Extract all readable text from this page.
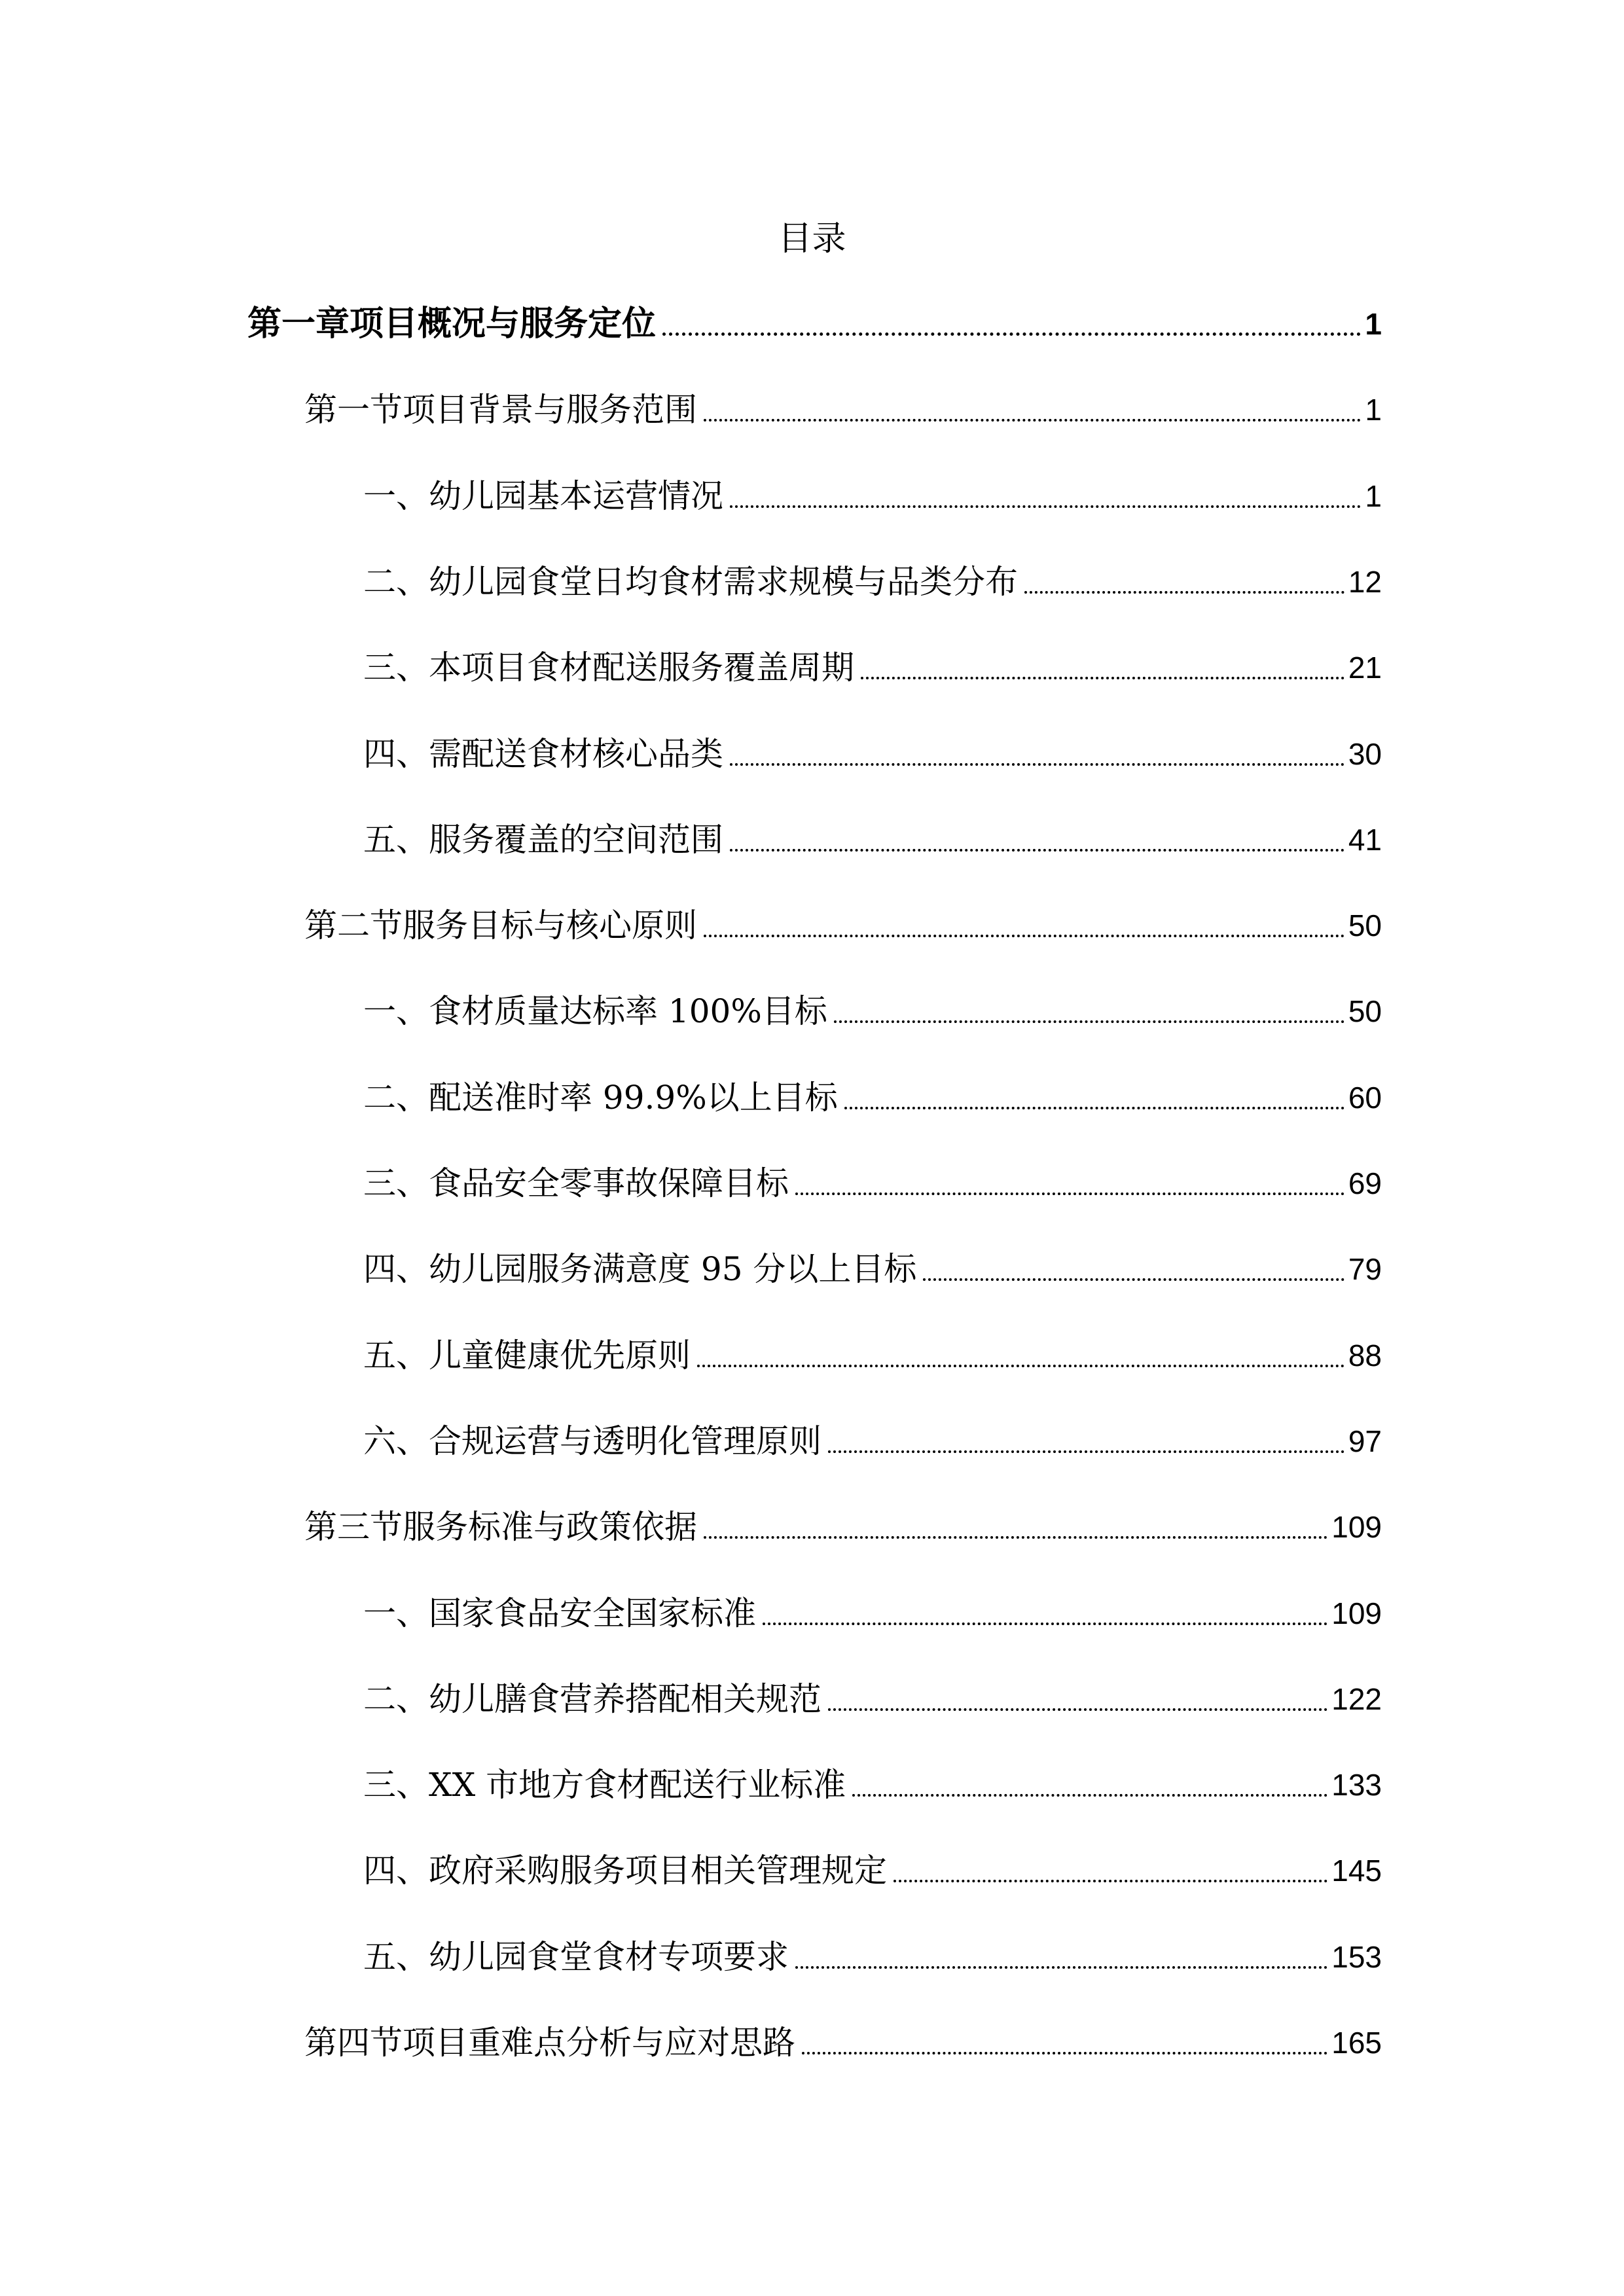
目录
第一章项目概况与服务定位	1
第一节项目背景与服务范围	1
一、幼儿园基本运营情况	1
二、幼儿园食堂日均食材需求规模与品类分布	12
三、本项目食材配送服务覆盖周期	21
四、需配送食材核心品类	30
五、服务覆盖的空间范围	41
第二节服务目标与核心原则	50
一、食材质量达标率 100%目标	50
二、配送准时率 99.9%以上目标	60
三、食品安全零事故保障目标	69
四、幼儿园服务满意度 95 分以上目标	79
五、儿童健康优先原则	88
六、合规运营与透明化管理原则	97
第三节服务标准与政策依据	109
一、国家食品安全国家标准	109
二、幼儿膳食营养搭配相关规范	122
三、XX 市地方食材配送行业标准	133
四、政府采购服务项目相关管理规定	145
五、幼儿园食堂食材专项要求	153
第四节项目重难点分析与应对思路	165
